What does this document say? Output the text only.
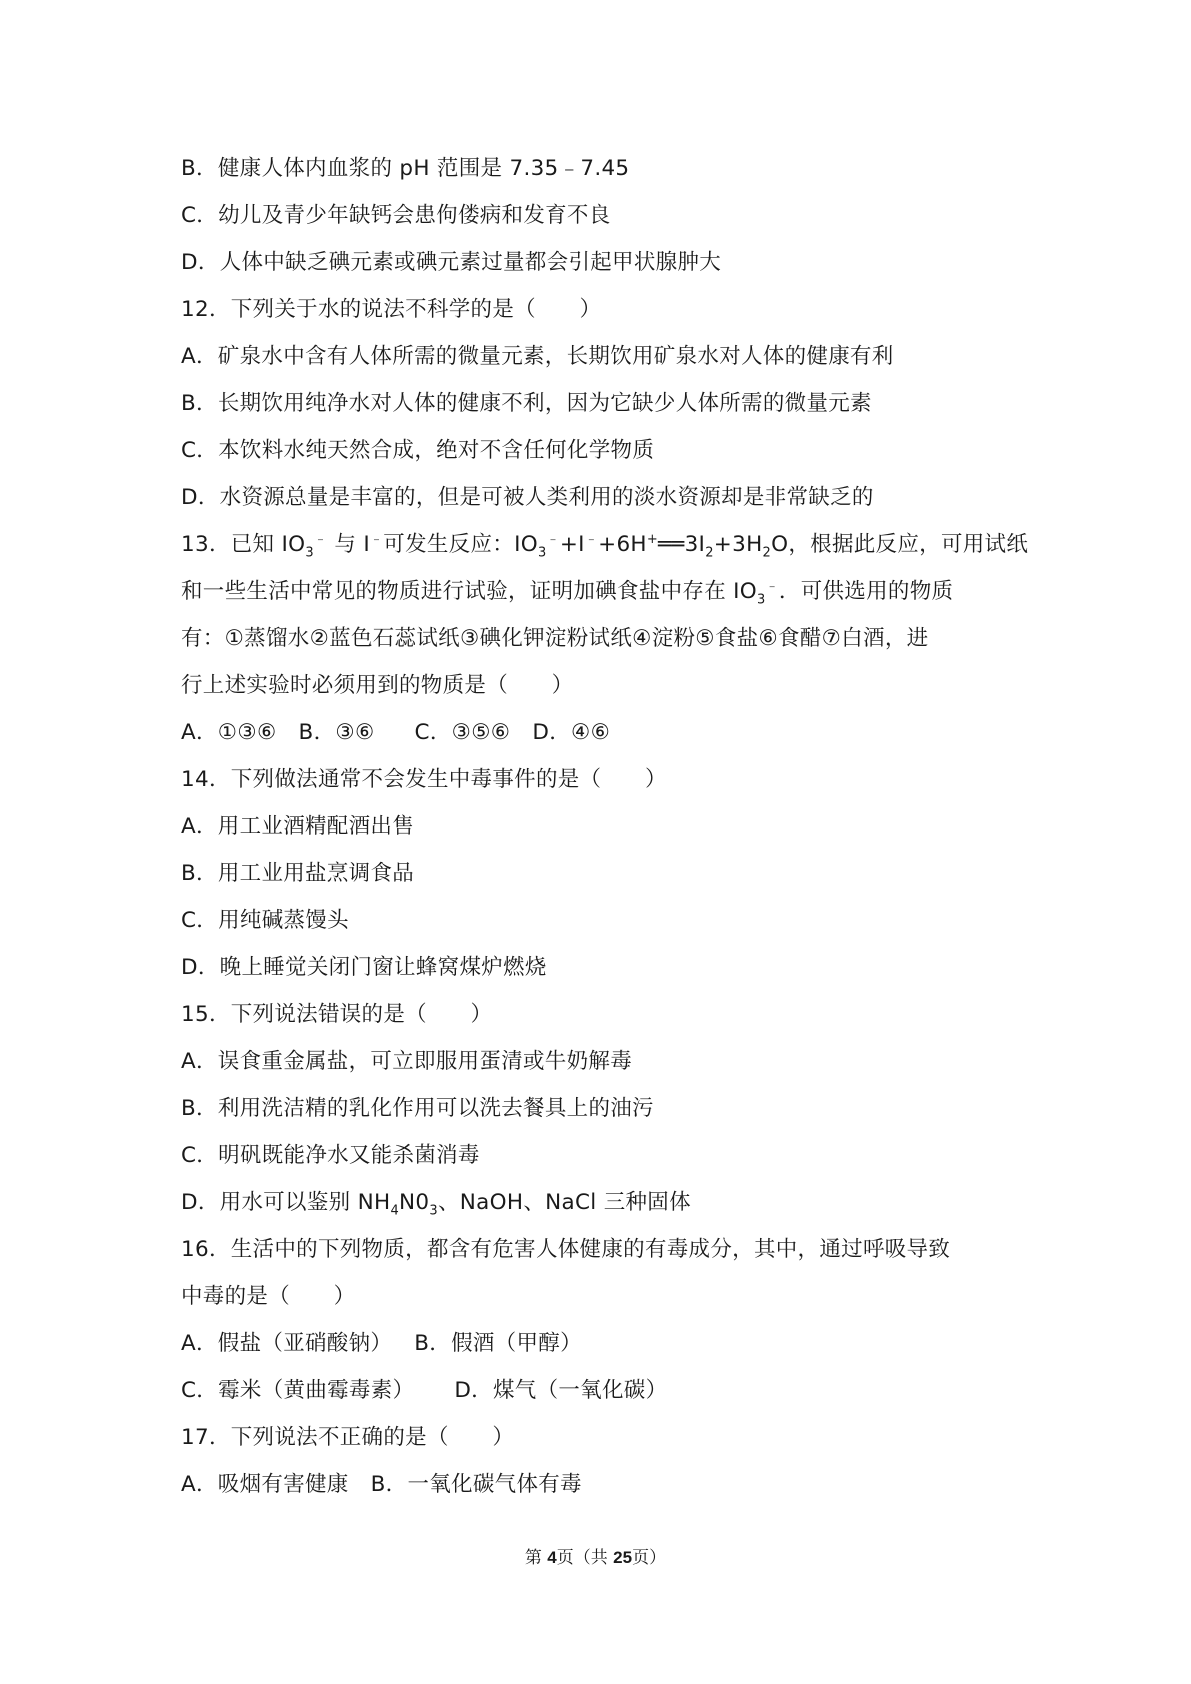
B．健康人体内血浆的 pH 范围是 7.35﹣7.45
C．幼儿及青少年缺钙会患佝偻病和发育不良
D．人体中缺乏碘元素或碘元素过量都会引起甲状腺肿大
12．下列关于水的说法不科学的是（　　）
A．矿泉水中含有人体所需的微量元素，长期饮用矿泉水对人体的健康有利
B．长期饮用纯净水对人体的健康不利，因为它缺少人体所需的微量元素
C．本饮料水纯天然合成，绝对不含任何化学物质
D．水资源总量是丰富的，但是可被人类利用的淡水资源却是非常缺乏的
13．已知 $IO_3^﹣$ 与 I﹣可发生反应：$IO_3^﹣+I^﹣+6H^+══3I_2+3H_2O$，根据此反应，可用试纸
和一些生活中常见的物质进行试验，证明加碘食盐中存在 $IO_3^﹣$．可供选用的物质
有：①蒸馏水②蓝色石蕊试纸③碘化钾淀粉试纸④淀粉⑤食盐⑥食醋⑦白酒，进
行上述实验时必须用到的物质是（　　）
A．①③⑥ B．③⑥ C．③⑤⑥ D．④⑥
14．下列做法通常不会发生中毒事件的是（　　）
A．用工业酒精配酒出售
B．用工业用盐烹调食品
C．用纯碱蒸馒头
D．晚上睡觉关闭门窗让蜂窝煤炉燃烧
15．下列说法错误的是（　　）
A．误食重金属盐，可立即服用蛋清或牛奶解毒
B．利用洗洁精的乳化作用可以洗去餐具上的油污
C．明矾既能净水又能杀菌消毒
D．用水可以鉴别 $NH_4N0_3$、NaOH、NaCl 三种固体
16．生活中的下列物质，都含有危害人体健康的有毒成分，其中，通过呼吸导致
中毒的是（　　）
A．假盐（亚硝酸钠） B．假酒（甲醇）
C．霉米（黄曲霉毒素） D．煤气（一氧化碳）
17．下列说法不正确的是（　　）
A．吸烟有害健康 B．一氧化碳气体有毒
第 4页（共 25页）
